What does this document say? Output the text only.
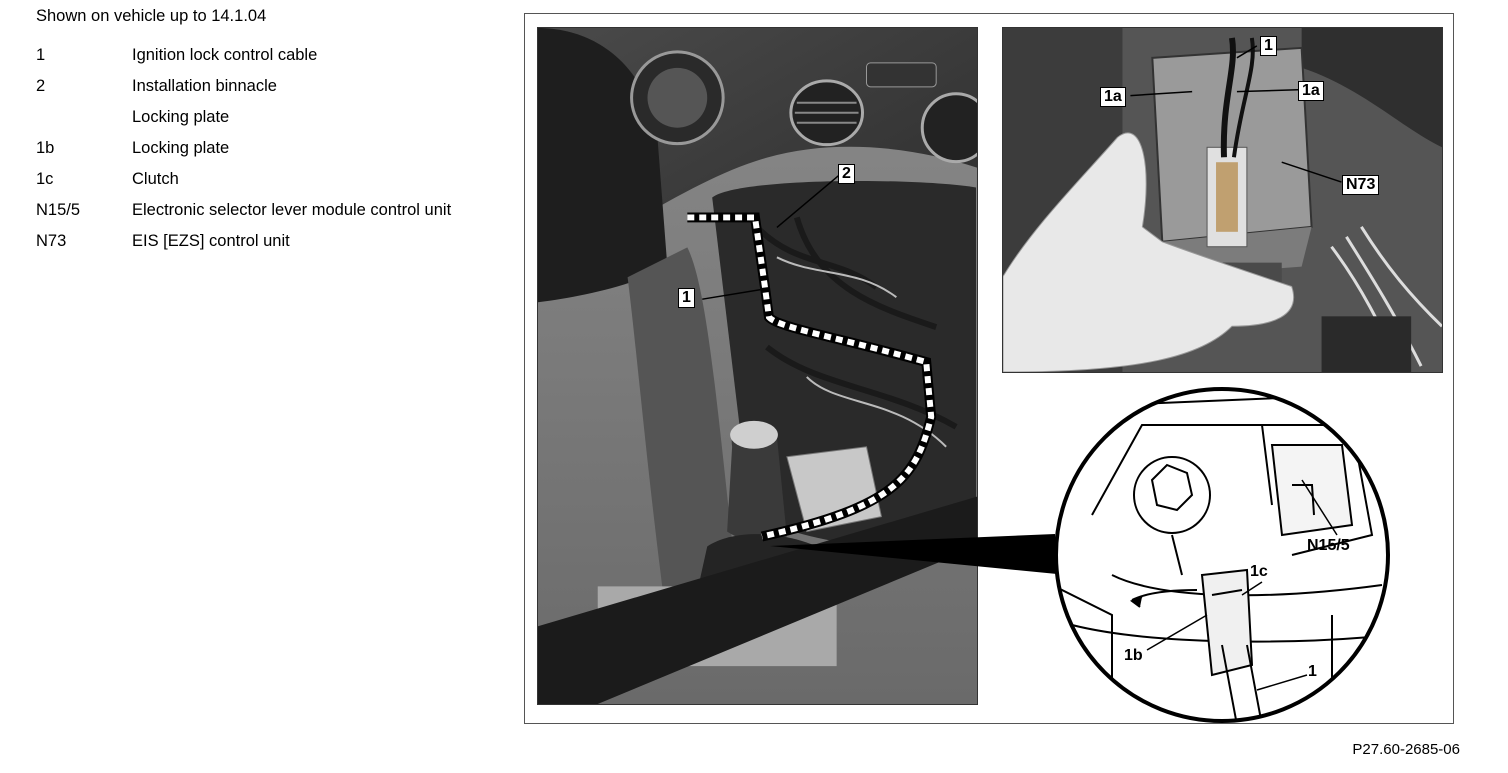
Shown on vehicle up to 14.1.04
1	Ignition lock control cable
2	Installation binnacle
Locking plate
1b	Locking plate
1c	Clutch
N15/5	Electronic selector lever module control unit
N73	EIS [EZS] control unit
1
2
1
1a	1a
N73
N15/5
1c
1b
1
P27.60-2685-06
